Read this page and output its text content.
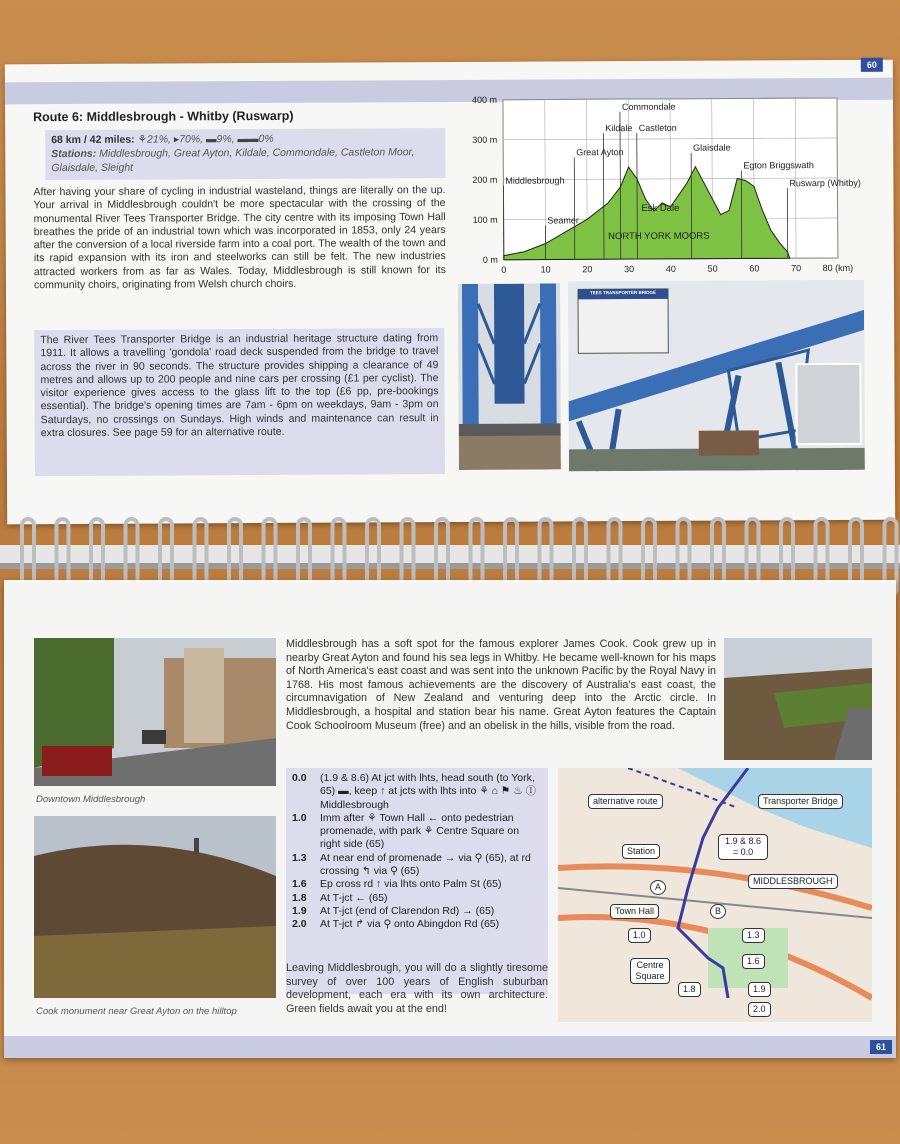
60
Route 6: Middlesbrough - Whitby (Ruswarp)
68 km / 42 miles: ⚘21%, ▸70%, ▬9%, ▬▬0%
Stations: Middlesbrough, Great Ayton, Kildale, Commondale, Castleton Moor, Glaisdale, Sleight
After having your share of cycling in industrial wasteland, things are literally on the up. Your arrival in Middlesbrough couldn't be more spectacular with the crossing of the monumental River Tees Transporter Bridge. The city centre with its imposing Town Hall breathes the pride of an industrial town which was incorporated in 1853, only 24 years after the conversion of a local riverside farm into a coal port. The wealth of the town and its rapid expansion with its iron and steelworks can still be felt. The new industries attracted workers from as far as Wales. Today, Middlesbrough is still known for its community choirs, originating from Welsh church choirs.
The River Tees Transporter Bridge is an industrial heritage structure dating from 1911. It allows a travelling 'gondola' road deck suspended from the bridge to travel across the river in 90 seconds. The structure provides shipping a clearance of 49 metres and allows up to 200 people and nine cars per crossing (£1 per cyclist). The visitor experience gives access to the glass lift to the top (£6 pp, pre-bookings essential). The bridge's opening times are 7am - 6pm on weekdays, 9am - 3pm on Saturdays, no crossings on Sundays. High winds and maintenance can result in extra closures. See page 59 for an alternative route.
Middlesbrough
Seamer
Great Ayton
Kildale
Commondale
Castleton
Glaisdale
Egton Briggswath
Ruswarp (Whitby)
Esk Dale
NORTH YORK MOORS
0 m
100 m
200 m
300 m
400 m
0	10	20	30	40	50	60	70 80 (km)
TEES TRANSPORTER BRIDGE
61
Downtown Middlesbrough
Cook monument near Great Ayton on the hilltop
Middlesbrough has a soft spot for the famous explorer James Cook. Cook grew up in nearby Great Ayton and found his sea legs in Whitby. He became well-known for his maps of North America's east coast and was sent into the unknown Pacific by the Royal Navy in 1768. His most famous achievements are the discovery of Australia's east coast, the circumnavigation of New Zealand and venturing deep into the Arctic circle. In Middlesbrough, a hospital and station bear his name. Great Ayton features the Captain Cook Schoolroom Museum (free) and an obelisk in the hills, visible from the road.
0.0	(1.9 & 8.6) At jct with lhts, head south (to York, 65) ▬, keep ↑ at jcts with lhts into ⚘ ⌂ ⚑ ♨ Ⓘ Middlesbrough
1.0	Imm after ⚘ Town Hall ← onto pedestrian promenade, with park ⚘ Centre Square on right side (65)
1.3	At near end of promenade → via ⚲ (65), at rd crossing ↰ via ⚲ (65)
1.6	Ep cross rd ↑ via lhts onto Palm St (65)
1.8	At T-jct ← (65)
1.9	At T-jct (end of Clarendon Rd) → (65)
2.0	At T-jct ↱ via ⚲ onto Abingdon Rd (65)
Leaving Middlesbrough, you will do a slightly tiresome survey of over 100 years of English suburban development, each era with its own architecture. Green fields await you at the end!
alternative route	Transporter Bridge
Station
1.9 & 8.6 = 0.0
MIDDLESBROUGH
A
B
Town Hall
1.0	1.3
1.6
Centre Square
1.8	1.9
2.0
